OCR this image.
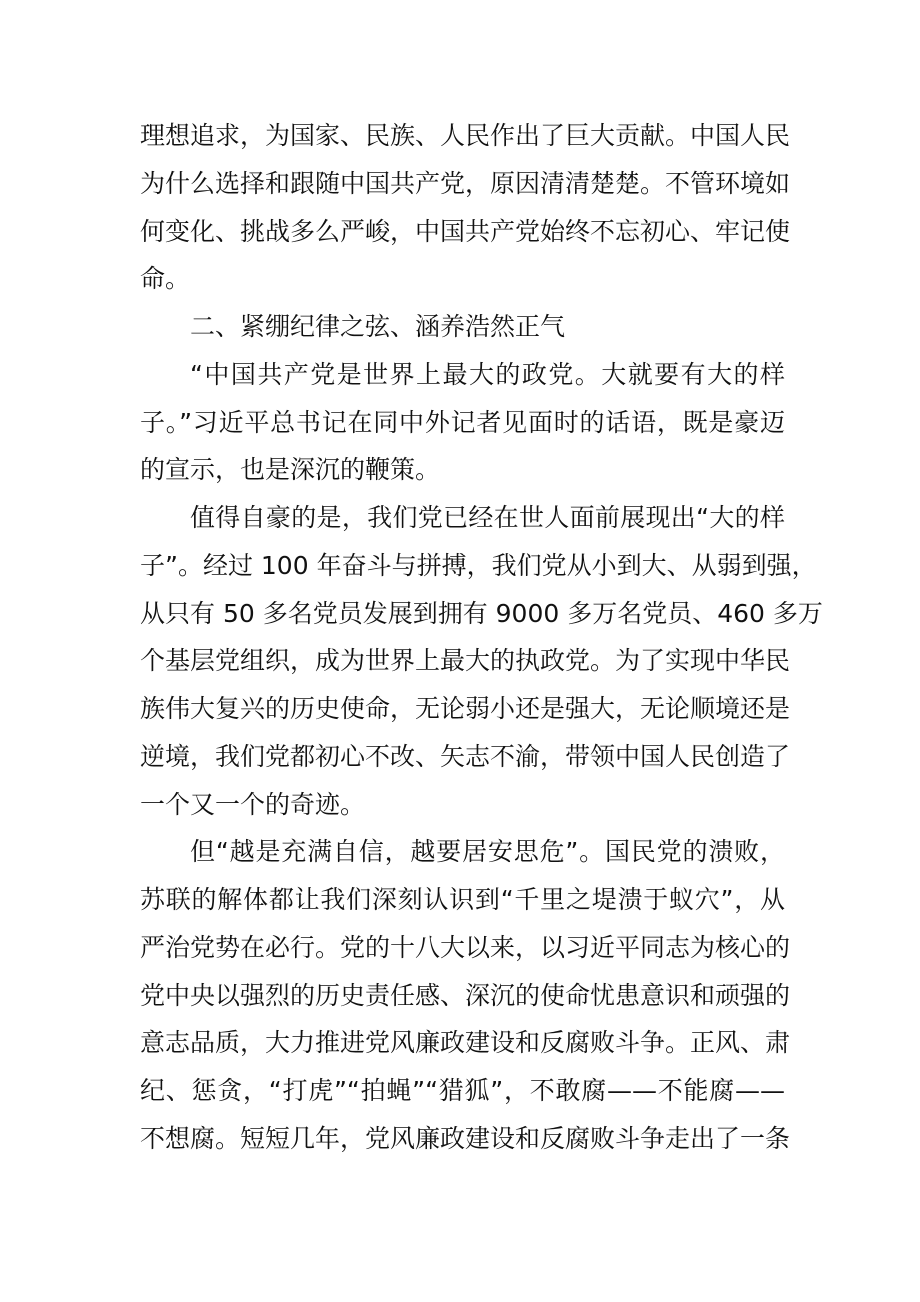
理想追求，为国家、民族、人民作出了巨大贡献。中国人民
为什么选择和跟随中国共产党，原因清清楚楚。不管环境如
何变化、挑战多么严峻，中国共产党始终不忘初心、牢记使
命。
二、紧绷纪律之弦、涵养浩然正气
“中国共产党是世界上最大的政党。大就要有大的样
子。”习近平总书记在同中外记者见面时的话语，既是豪迈
的宣示，也是深沉的鞭策。
值得自豪的是，我们党已经在世人面前展现出“大的样
子”。经过 100 年奋斗与拼搏，我们党从小到大、从弱到强，
从只有 50 多名党员发展到拥有 9000 多万名党员、460 多万
个基层党组织，成为世界上最大的执政党。为了实现中华民
族伟大复兴的历史使命，无论弱小还是强大，无论顺境还是
逆境，我们党都初心不改、矢志不渝，带领中国人民创造了
一个又一个的奇迹。
但“越是充满自信，越要居安思危”。国民党的溃败，
苏联的解体都让我们深刻认识到“千里之堤溃于蚁穴”，从
严治党势在必行。党的十八大以来，以习近平同志为核心的
党中央以强烈的历史责任感、深沉的使命忧患意识和顽强的
意志品质，大力推进党风廉政建设和反腐败斗争。正风、肃
纪、惩贪，“打虎”“拍蝇”“猎狐”，不敢腐——不能腐——
不想腐。短短几年，党风廉政建设和反腐败斗争走出了一条
